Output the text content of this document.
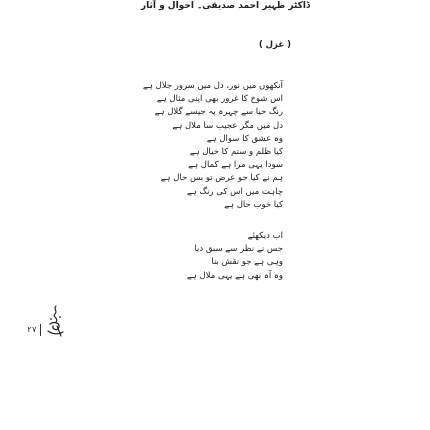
ڈاکٹر ظہیر احمد صدیقی۔ احوال و آثار
( غزل )
آنکھوں میں نور، دل میں سرور جلال ہے
اس شوخ کا غرور بھی اپنی مثال ہے
رنگ حیا سے چہرہ پہ جیسے گلال ہے
دل میں مگر عجیب سا ملال ہے
وہ عشق کا سوال ہے
کیا ظلم و ستم کا خیال ہے
سودا یہی مرا ہے کمال ہے
ہم نے کیا جو عرض تو بس حال ہے
چاہت میں اس کی رنگ ہے
کیا خوب حال ہے
اب دیکھئے
جس نے نظر سے سبق دیا
وہی ہے جو نقش بنا
وہ آہ بھی ہے یہی ملال ہے
۲۷
